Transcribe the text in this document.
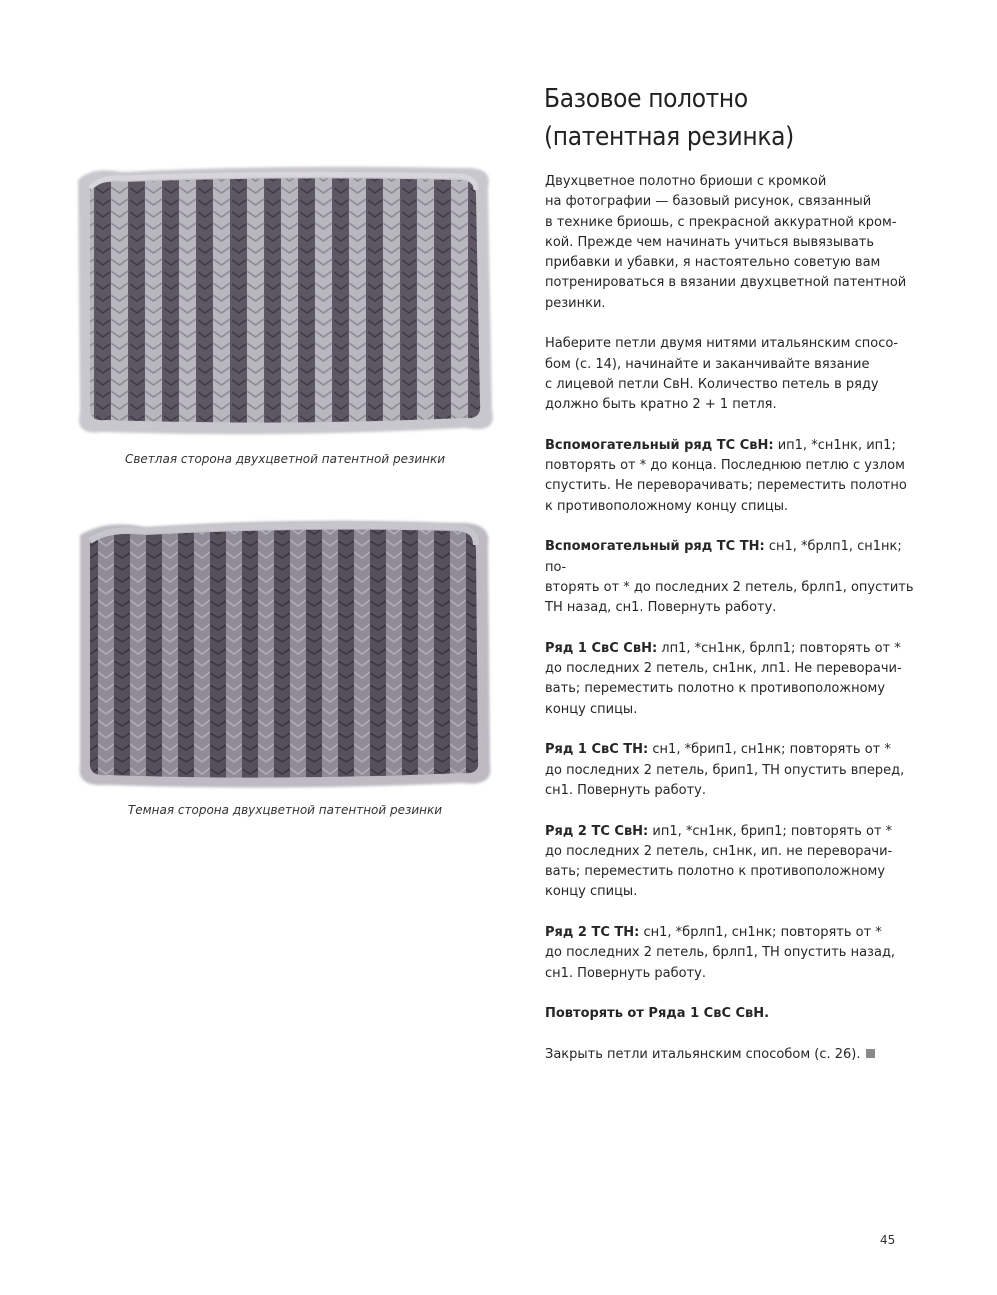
Светлая сторона двухцветной патентной резинки
Темная сторона двухцветной патентной резинки
Базовое полотно
(патентная резинка)

Двухцветное полотно бриоши с кромкой
на фотографии — базовый рисунок, связанный
в технике бриошь, с прекрасной аккуратной кром-
кой. Прежде чем начинать учиться вывязывать
прибавки и убавки, я настоятельно советую вам
потренироваться в вязании двухцветной патентной
резинки.

Наберите петли двумя нитями итальянским спосо-
бом (с. 14), начинайте и заканчивайте вязание
с лицевой петли СвН. Количество петель в ряду
должно быть кратно 2 + 1 петля.

Вспомогательный ряд ТС СвН: ип1, *сн1нк, ип1;
повторять от * до конца. Последнюю петлю с узлом
спустить. Не переворачивать; переместить полотно
к противоположному концу спицы.

Вспомогательный ряд ТС ТН: сн1, *брлп1, сн1нк; по-
вторять от * до последних 2 петель, брлп1, опустить
ТН назад, сн1. Повернуть работу.

Ряд 1 СвС СвН: лп1, *сн1нк, брлп1; повторять от *
до последних 2 петель, сн1нк, лп1. Не переворачи-
вать; переместить полотно к противоположному
концу спицы.

Ряд 1 СвС ТН: сн1, *брип1, сн1нк; повторять от *
до последних 2 петель, брип1, ТН опустить вперед,
сн1. Повернуть работу.

Ряд 2 ТС СвН: ип1, *сн1нк, брип1; повторять от *
до последних 2 петель, сн1нк, ип. не переворачи-
вать; переместить полотно к противоположному
концу спицы.

Ряд 2 ТС ТН: сн1, *брлп1, сн1нк; повторять от *
до последних 2 петель, брлп1, ТН опустить назад,
сн1. Повернуть работу.

Повторять от Ряда 1 СвС СвН.

Закрыть петли итальянским способом (с. 26).

45
